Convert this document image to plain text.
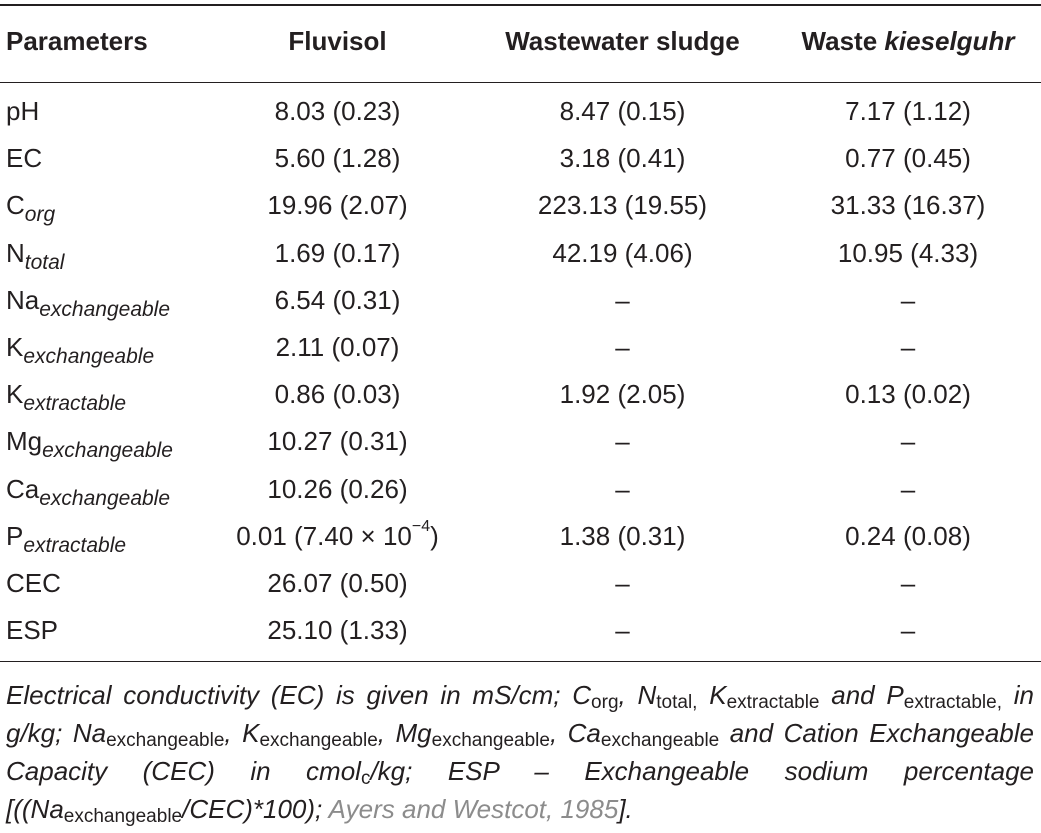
Parameters	Fluvisol	Wastewater sludge	Waste kieselguhr
pH	8.03 (0.23)	8.47 (0.15)	7.17 (1.12)
EC	5.60 (1.28)	3.18 (0.41)	0.77 (0.45)
$C_{org}$	19.96 (2.07)	223.13 (19.55)	31.33 (16.37)
$N_{total}$	1.69 (0.17)	42.19 (4.06)	10.95 (4.33)
$Na_{exchangeable}$	6.54 (0.31)	–	–
$K_{exchangeable}$	2.11 (0.07)	–	–
$K_{extractable}$	0.86 (0.03)	1.92 (2.05)	0.13 (0.02)
$Mg_{exchangeable}$	10.27 (0.31)	–	–
$Ca_{exchangeable}$	10.26 (0.26)	–	–
$P_{extractable}$	0.01 $(7.40 \times 10^{-4})$	1.38 (0.31)	0.24 (0.08)
CEC	26.07 (0.50)	–	–
ESP	25.10 (1.33)	–	–
Electrical conductivity (EC) is given in mS/cm; $C_{org}$, $N_{total,}$ $K_{extractable}$ and $P_{extractable,}$ in g/kg; $Na_{exchangeable}$, $K_{exchangeable}$, $Mg_{exchangeable}$, $Ca_{exchangeable}$ and Cation Exchangeable Capacity (CEC) in cmol$_c$/kg; ESP – Exchangeable sodium percentage [$((Na_{exchangeable}/CEC)*100)$; Ayers and Westcot, 1985].
